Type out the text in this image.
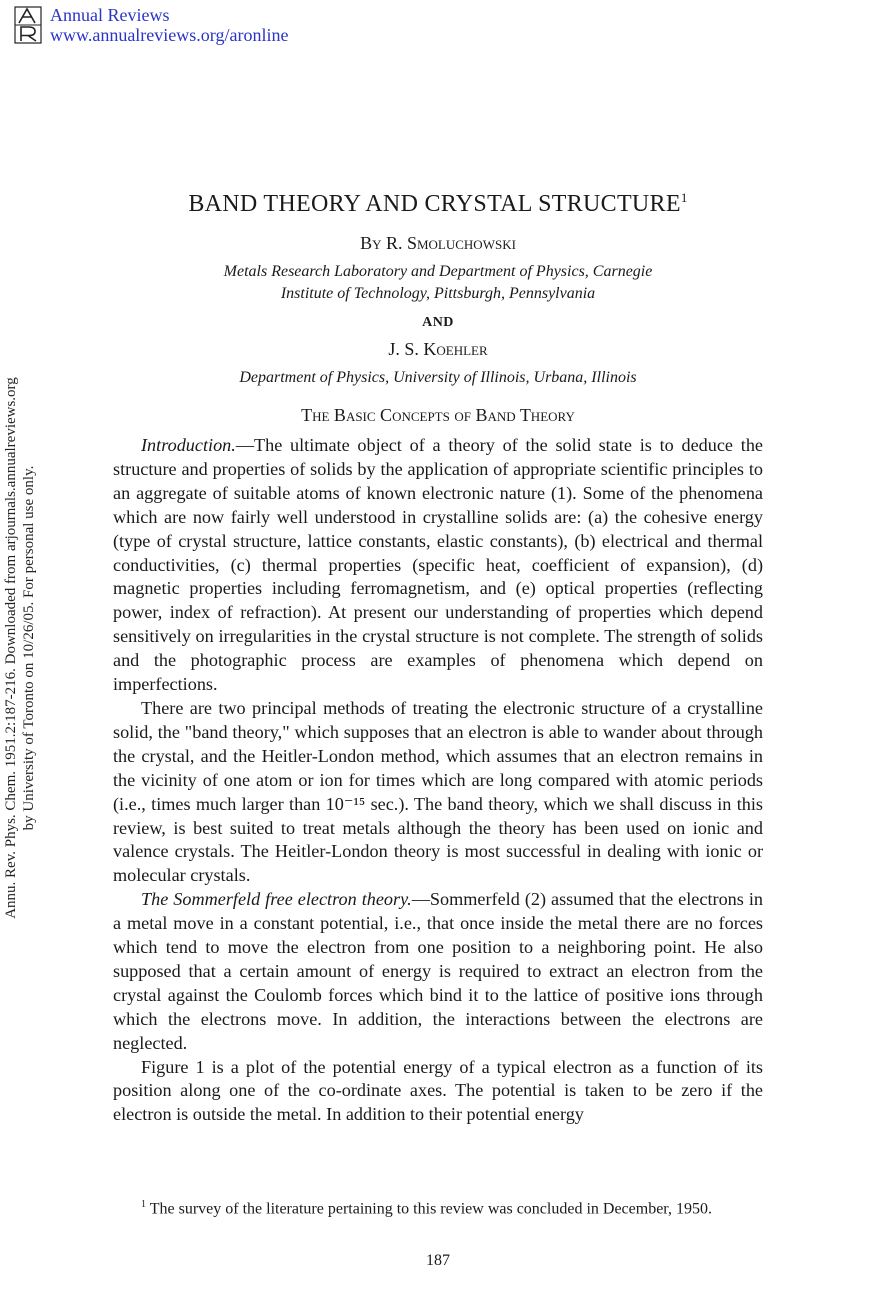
Annual Reviews
www.annualreviews.org/aronline
Annu. Rev. Phys. Chem. 1951.2:187-216. Downloaded from arjournals.annualreviews.org by University of Toronto on 10/26/05. For personal use only.
BAND THEORY AND CRYSTAL STRUCTURE$^1$
By R. Smoluchowski
Metals Research Laboratory and Department of Physics, Carnegie Institute of Technology, Pittsburgh, Pennsylvania
AND
J. S. Koehler
Department of Physics, University of Illinois, Urbana, Illinois
The Basic Concepts of Band Theory

Introduction.—The ultimate object of a theory of the solid state is to deduce the structure and properties of solids by the application of appropriate scientific principles to an aggregate of suitable atoms of known electronic nature (1). Some of the phenomena which are now fairly well understood in crystalline solids are: (a) the cohesive energy (type of crystal structure, lattice constants, elastic constants), (b) electrical and thermal conductivities, (c) thermal properties (specific heat, coefficient of expansion), (d) magnetic properties including ferromagnetism, and (e) optical properties (reflecting power, index of refraction). At present our understanding of properties which depend sensitively on irregularities in the crystal structure is not complete. The strength of solids and the photographic process are examples of phenomena which depend on imperfections.

There are two principal methods of treating the electronic structure of a crystalline solid, the "band theory," which supposes that an electron is able to wander about through the crystal, and the Heitler-London method, which assumes that an electron remains in the vicinity of one atom or ion for times which are long compared with atomic periods (i.e., times much larger than 10⁻¹⁵ sec.). The band theory, which we shall discuss in this review, is best suited to treat metals although the theory has been used on ionic and valence crystals. The Heitler-London theory is most successful in dealing with ionic or molecular crystals.

The Sommerfeld free electron theory.—Sommerfeld (2) assumed that the electrons in a metal move in a constant potential, i.e., that once inside the metal there are no forces which tend to move the electron from one position to a neighboring point. He also supposed that a certain amount of energy is required to extract an electron from the crystal against the Coulomb forces which bind it to the lattice of positive ions through which the electrons move. In addition, the interactions between the electrons are neglected.

Figure 1 is a plot of the potential energy of a typical electron as a function of its position along one of the co-ordinate axes. The potential is taken to be zero if the electron is outside the metal. In addition to their potential energy

$^1$ The survey of the literature pertaining to this review was concluded in December, 1950.
187
